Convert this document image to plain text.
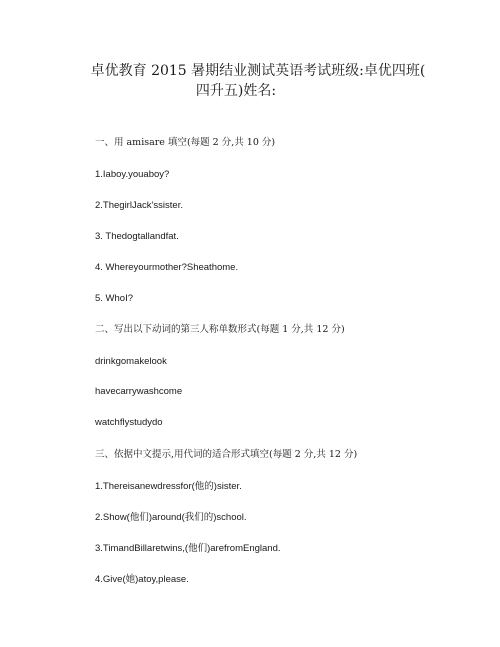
卓优教育 2015 暑期结业测试英语考试班级:卓优四班(
四升五)姓名:
一、用 amisare 填空(每题 2 分,共 10 分)
1.Iaboy.youaboy?
2.ThegirlJack’ssister.
3. Thedogtallandfat.
4. Whereyourmother?Sheathome.
5. WhoI?
二、写出以下动词的第三人称单数形式(每题 1 分,共 12 分)
drinkgomakelook
havecarrywashcome
watchflystudydo
三、依据中文提示,用代词的适合形式填空(每题 2 分,共 12 分)
1.Thereisanewdressfor(他的)sister.
2.Show(他们)around(我们的)school.
3.TimandBillaretwins,(他们)arefromEngland.
4.Give(她)atoy,please.
